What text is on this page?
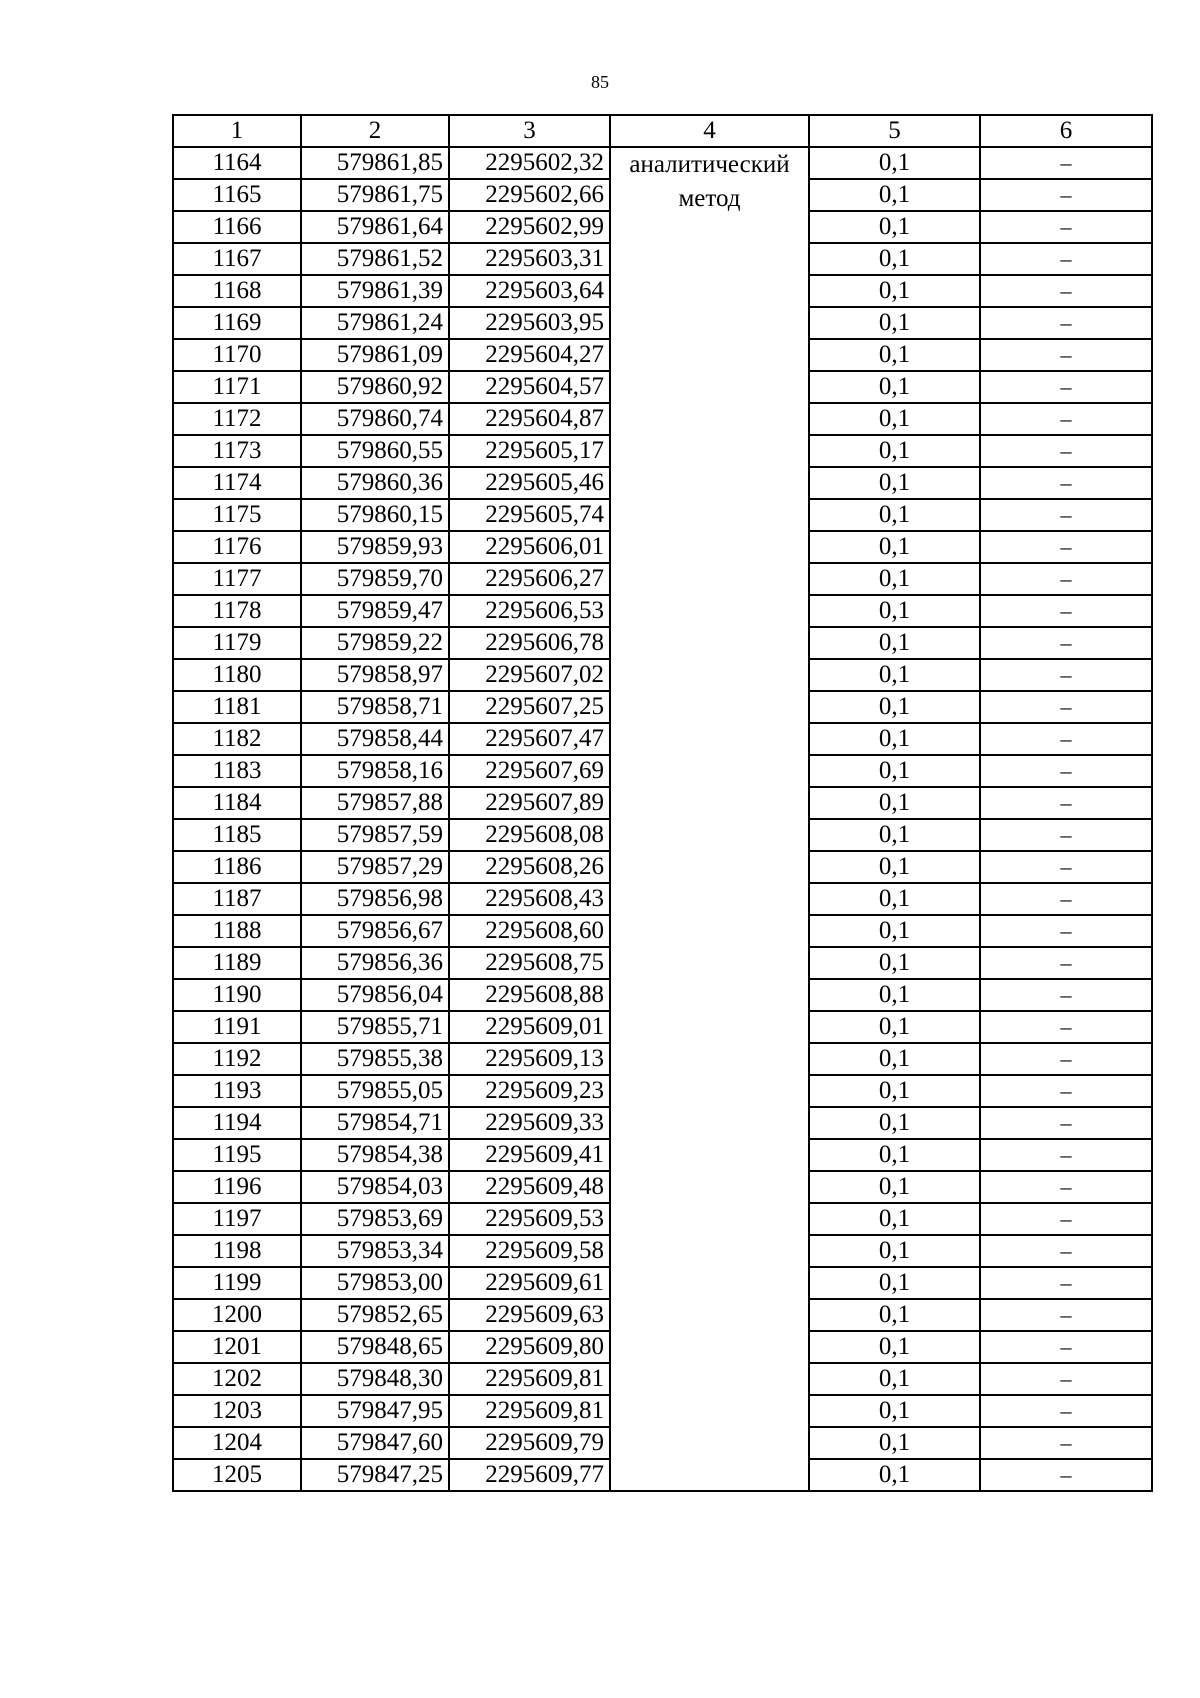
85
1	2	3	4	5	6
1164	579861,85	2295602,32	аналитический метод	0,1	–
1165	579861,75	2295602,66		0,1	–
1166	579861,64	2295602,99		0,1	–
1167	579861,52	2295603,31		0,1	–
1168	579861,39	2295603,64		0,1	–
1169	579861,24	2295603,95		0,1	–
1170	579861,09	2295604,27		0,1	–
1171	579860,92	2295604,57		0,1	–
1172	579860,74	2295604,87		0,1	–
1173	579860,55	2295605,17		0,1	–
1174	579860,36	2295605,46		0,1	–
1175	579860,15	2295605,74		0,1	–
1176	579859,93	2295606,01		0,1	–
1177	579859,70	2295606,27		0,1	–
1178	579859,47	2295606,53		0,1	–
1179	579859,22	2295606,78		0,1	–
1180	579858,97	2295607,02		0,1	–
1181	579858,71	2295607,25		0,1	–
1182	579858,44	2295607,47		0,1	–
1183	579858,16	2295607,69		0,1	–
1184	579857,88	2295607,89		0,1	–
1185	579857,59	2295608,08		0,1	–
1186	579857,29	2295608,26		0,1	–
1187	579856,98	2295608,43		0,1	–
1188	579856,67	2295608,60		0,1	–
1189	579856,36	2295608,75		0,1	–
1190	579856,04	2295608,88		0,1	–
1191	579855,71	2295609,01		0,1	–
1192	579855,38	2295609,13		0,1	–
1193	579855,05	2295609,23		0,1	–
1194	579854,71	2295609,33		0,1	–
1195	579854,38	2295609,41		0,1	–
1196	579854,03	2295609,48		0,1	–
1197	579853,69	2295609,53		0,1	–
1198	579853,34	2295609,58		0,1	–
1199	579853,00	2295609,61		0,1	–
1200	579852,65	2295609,63		0,1	–
1201	579848,65	2295609,80		0,1	–
1202	579848,30	2295609,81		0,1	–
1203	579847,95	2295609,81		0,1	–
1204	579847,60	2295609,79		0,1	–
1205	579847,25	2295609,77		0,1	–
